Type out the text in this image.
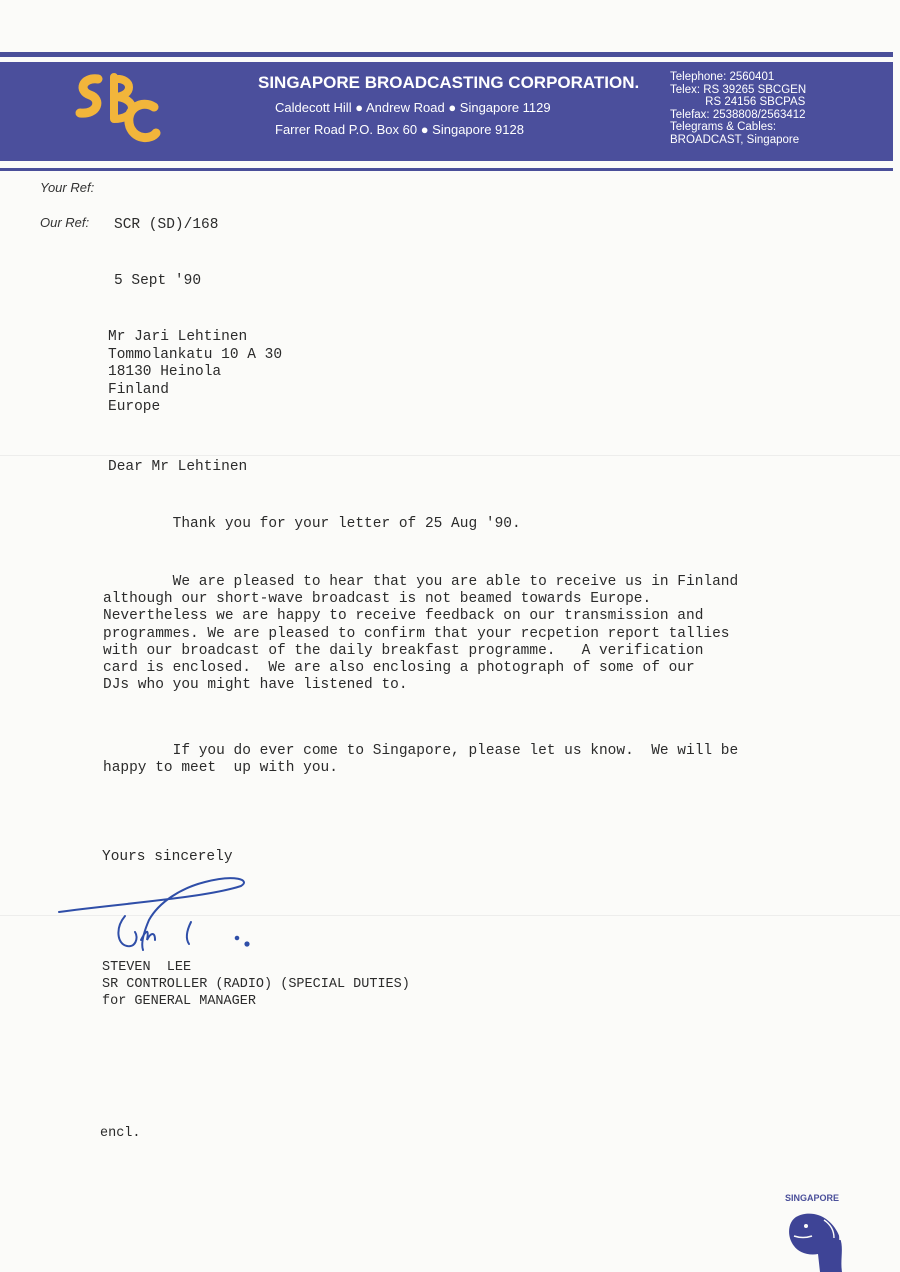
SINGAPORE BROADCASTING CORPORATION.
Caldecott Hill ● Andrew Road ● Singapore 1129
Farrer Road P.O. Box 60 ● Singapore 9128
Telephone: 2560401
Telex: RS 39265 SBCGEN
RS 24156 SBCPAS
Telefax: 2538808/2563412
Telegrams & Cables:
BROADCAST, Singapore
Your Ref:
Our Ref: SCR (SD)/168
5 Sept '90
Mr Jari Lehtinen
Tommolankatu 10 A 30
18130 Heinola
Finland
Europe
Dear Mr Lehtinen
Thank you for your letter of 25 Aug '90.
We are pleased to hear that you are able to receive us in Finland
although our short-wave broadcast is not beamed towards Europe.
Nevertheless we are happy to receive feedback on our transmission and
programmes. We are pleased to confirm that your recpetion report tallies
with our broadcast of the daily breakfast programme.   A verification
card is enclosed.  We are also enclosing a photograph of some of our
DJs who you might have listened to.
If you do ever come to Singapore, please let us know.  We will be
happy to meet  up with you.
Yours sincerely
STEVEN  LEE
SR CONTROLLER (RADIO) (SPECIAL DUTIES)
for GENERAL MANAGER
encl.
SINGAPORE
